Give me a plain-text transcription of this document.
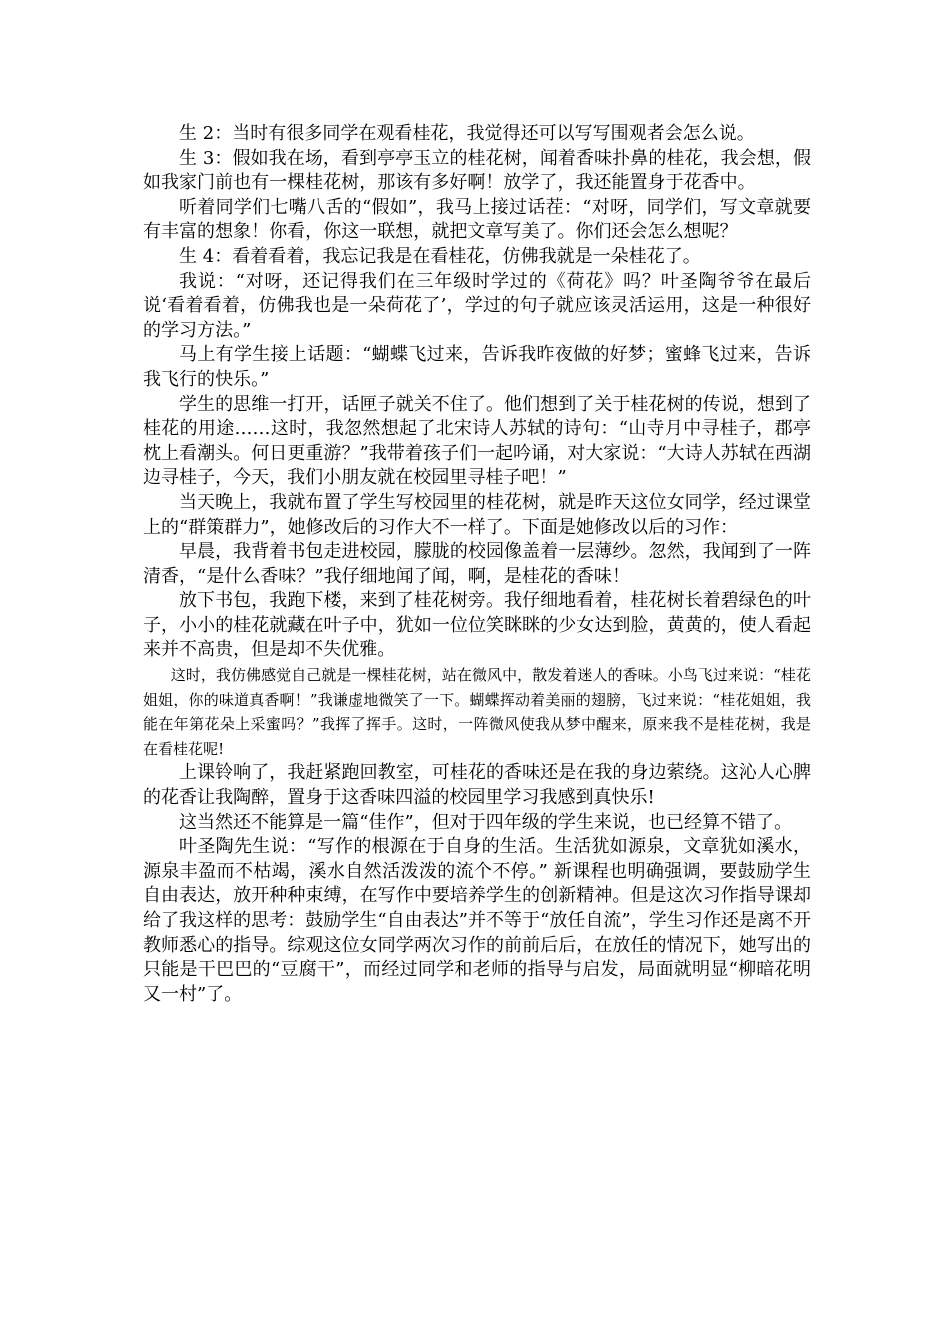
生 2：当时有很多同学在观看桂花，我觉得还可以写写围观者会怎么说。

生 3：假如我在场，看到亭亭玉立的桂花树，闻着香味扑鼻的桂花，我会想，假如我家门前也有一棵桂花树，那该有多好啊！放学了，我还能置身于花香中。

听着同学们七嘴八舌的“假如”，我马上接过话茬：“对呀，同学们，写文章就要有丰富的想象！你看，你这一联想，就把文章写美了。你们还会怎么想呢？

生 4：看着看着，我忘记我是在看桂花，仿佛我就是一朵桂花了。

我说：“对呀，还记得我们在三年级时学过的《荷花》吗？叶圣陶爷爷在最后说‘看着看着，仿佛我也是一朵荷花了’，学过的句子就应该灵活运用，这是一种很好的学习方法。”

马上有学生接上话题：“蝴蝶飞过来，告诉我昨夜做的好梦；蜜蜂飞过来，告诉我飞行的快乐。”

学生的思维一打开，话匣子就关不住了。他们想到了关于桂花树的传说，想到了桂花的用途……这时，我忽然想起了北宋诗人苏轼的诗句：“山寺月中寻桂子，郡亭枕上看潮头。何日更重游？”我带着孩子们一起吟诵，对大家说：“大诗人苏轼在西湖边寻桂子，今天，我们小朋友就在校园里寻桂子吧！”

当天晚上，我就布置了学生写校园里的桂花树，就是昨天这位女同学，经过课堂上的“群策群力”，她修改后的习作大不一样了。下面是她修改以后的习作：

早晨，我背着书包走进校园，朦胧的校园像盖着一层薄纱。忽然，我闻到了一阵清香，“是什么香味？”我仔细地闻了闻，啊，是桂花的香味！

放下书包，我跑下楼，来到了桂花树旁。我仔细地看着，桂花树长着碧绿色的叶子，小小的桂花就藏在叶子中，犹如一位位笑眯眯的少女达到脸，黄黄的，使人看起来并不高贵，但是却不失优雅。

这时，我仿佛感觉自己就是一棵桂花树，站在微风中，散发着迷人的香味。小鸟飞过来说：“桂花姐姐，你的味道真香啊！”我谦虚地微笑了一下。蝴蝶挥动着美丽的翅膀，飞过来说：“桂花姐姐，我能在年第花朵上采蜜吗？”我挥了挥手。这时，一阵微风使我从梦中醒来，原来我不是桂花树，我是在看桂花呢!

上课铃响了，我赶紧跑回教室，可桂花的香味还是在我的身边萦绕。这沁人心脾的花香让我陶醉，置身于这香味四溢的校园里学习我感到真快乐!

这当然还不能算是一篇“佳作”，但对于四年级的学生来说，也已经算不错了。

叶圣陶先生说：“写作的根源在于自身的生活。生活犹如源泉，文章犹如溪水，源泉丰盈而不枯竭，溪水自然活泼泼的流个不停。” 新课程也明确强调，要鼓励学生自由表达，放开种种束缚，在写作中要培养学生的创新精神。但是这次习作指导课却给了我这样的思考：鼓励学生“自由表达”并不等于“放任自流”，学生习作还是离不开教师悉心的指导。综观这位女同学两次习作的前前后后，在放任的情况下，她写出的只能是干巴巴的“豆腐干”，而经过同学和老师的指导与启发，局面就明显“柳暗花明又一村”了。
